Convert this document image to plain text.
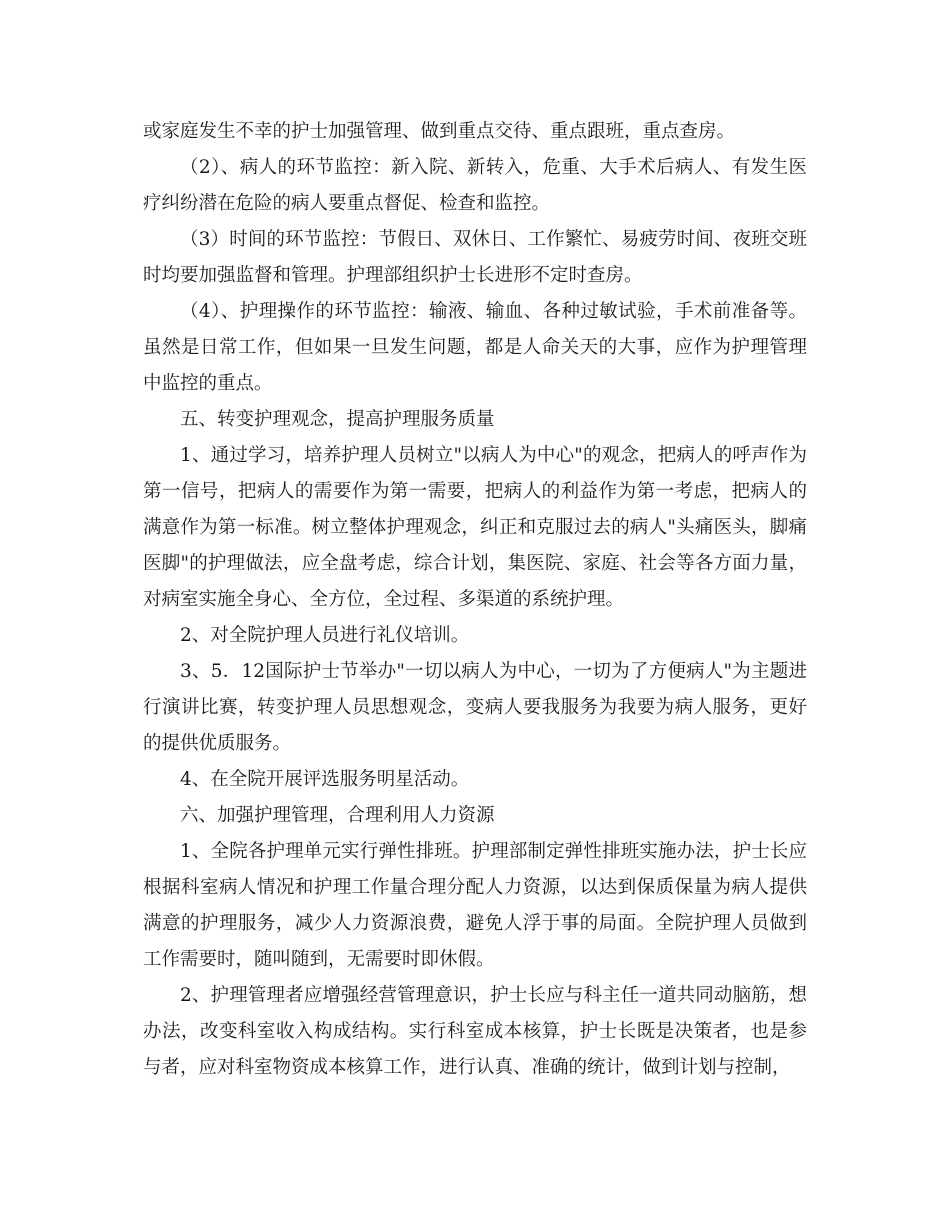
或家庭发生不幸的护士加强管理、做到重点交待、重点跟班，重点查房。

（2）、病人的环节监控：新入院、新转入，危重、大手术后病人、有发生医疗纠纷潜在危险的病人要重点督促、检查和监控。

（3）时间的环节监控：节假日、双休日、工作繁忙、易疲劳时间、夜班交班时均要加强监督和管理。护理部组织护士长进形不定时查房。

（4）、护理操作的环节监控：输液、输血、各种过敏试验，手术前准备等。虽然是日常工作，但如果一旦发生问题，都是人命关天的大事，应作为护理管理中监控的重点。

五、转变护理观念，提高护理服务质量

1、通过学习，培养护理人员树立"以病人为中心"的观念，把病人的呼声作为第一信号，把病人的需要作为第一需要，把病人的利益作为第一考虑，把病人的满意作为第一标准。树立整体护理观念，纠正和克服过去的病人"头痛医头，脚痛医脚"的护理做法，应全盘考虑，综合计划，集医院、家庭、社会等各方面力量，对病室实施全身心、全方位，全过程、多渠道的系统护理。

2、对全院护理人员进行礼仪培训。

3、5．12国际护士节举办"一切以病人为中心，一切为了方便病人"为主题进行演讲比赛，转变护理人员思想观念，变病人要我服务为我要为病人服务，更好的提供优质服务。

4、在全院开展评选服务明星活动。

六、加强护理管理，合理利用人力资源

1、全院各护理单元实行弹性排班。护理部制定弹性排班实施办法，护士长应根据科室病人情况和护理工作量合理分配人力资源，以达到保质保量为病人提供满意的护理服务，减少人力资源浪费，避免人浮于事的局面。全院护理人员做到工作需要时，随叫随到，无需要时即休假。

2、护理管理者应增强经营管理意识，护士长应与科主任一道共同动脑筋，想办法，改变科室收入构成结构。实行科室成本核算，护士长既是决策者，也是参与者，应对科室物资成本核算工作，进行认真、准确的统计，做到计划与控制，
